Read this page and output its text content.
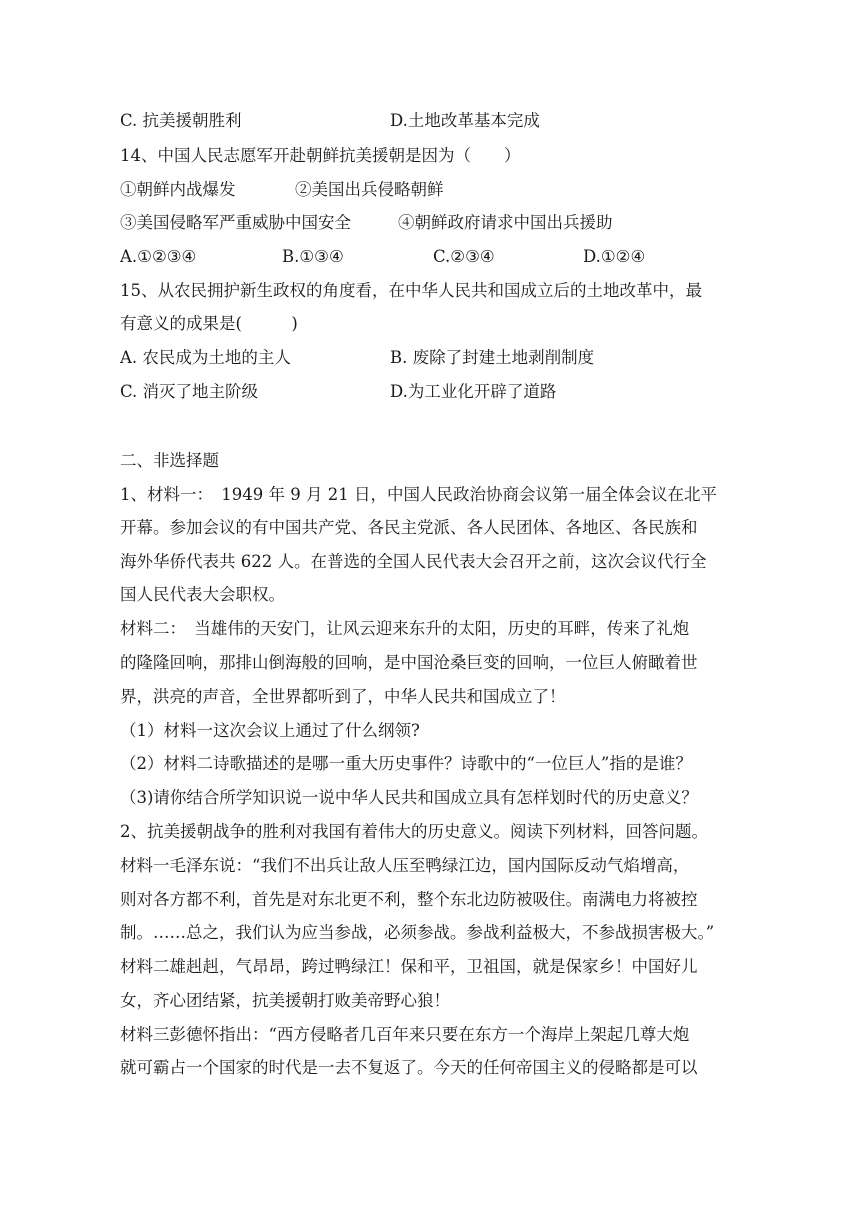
C. 抗美援朝胜利	D.土地改革基本完成
14、中国人民志愿军开赴朝鲜抗美援朝是因为（　　）
①朝鲜内战爆发	②美国出兵侵略朝鲜
③美国侵略军严重威胁中国安全	④朝鲜政府请求中国出兵援助
A.①②③④	B.①③④	C.②③④	D.①②④
15、从农民拥护新生政权的角度看，在中华人民共和国成立后的土地改革中，最
有意义的成果是(　　　)
A. 农民成为土地的主人	B. 废除了封建土地剥削制度
C. 消灭了地主阶级	D.为工业化开辟了道路
二、非选择题
1、材料一：　1949 年 9 月 21 日，中国人民政治协商会议第一届全体会议在北平
开幕。参加会议的有中国共产党、各民主党派、各人民团体、各地区、各民族和
海外华侨代表共 622 人。在普选的全国人民代表大会召开之前，这次会议代行全
国人民代表大会职权。
材料二：　当雄伟的天安门，让风云迎来东升的太阳，历史的耳畔，传来了礼炮
的隆隆回响，那排山倒海般的回响，是中国沧桑巨变的回响，一位巨人俯瞰着世
界，洪亮的声音，全世界都听到了，中华人民共和国成立了！
（1）材料一这次会议上通过了什么纲领?
（2）材料二诗歌描述的是哪一重大历史事件？诗歌中的“一位巨人”指的是谁？
（3)请你结合所学知识说一说中华人民共和国成立具有怎样划时代的历史意义？
2、抗美援朝战争的胜利对我国有着伟大的历史意义。阅读下列材料，回答问题。
材料一毛泽东说：“我们不出兵让敌人压至鸭绿江边，国内国际反动气焰增高，
则对各方都不利，首先是对东北更不利，整个东北边防被吸住。南满电力将被控
制。……总之，我们认为应当参战，必须参战。参战利益极大，不参战损害极大。”
材料二雄赳赳，气昂昂，跨过鸭绿江！保和平，卫祖国，就是保家乡！中国好儿
女，齐心团结紧，抗美援朝打败美帝野心狼！
材料三彭德怀指出：“西方侵略者几百年来只要在东方一个海岸上架起几尊大炮
就可霸占一个国家的时代是一去不复返了。今天的任何帝国主义的侵略都是可以
